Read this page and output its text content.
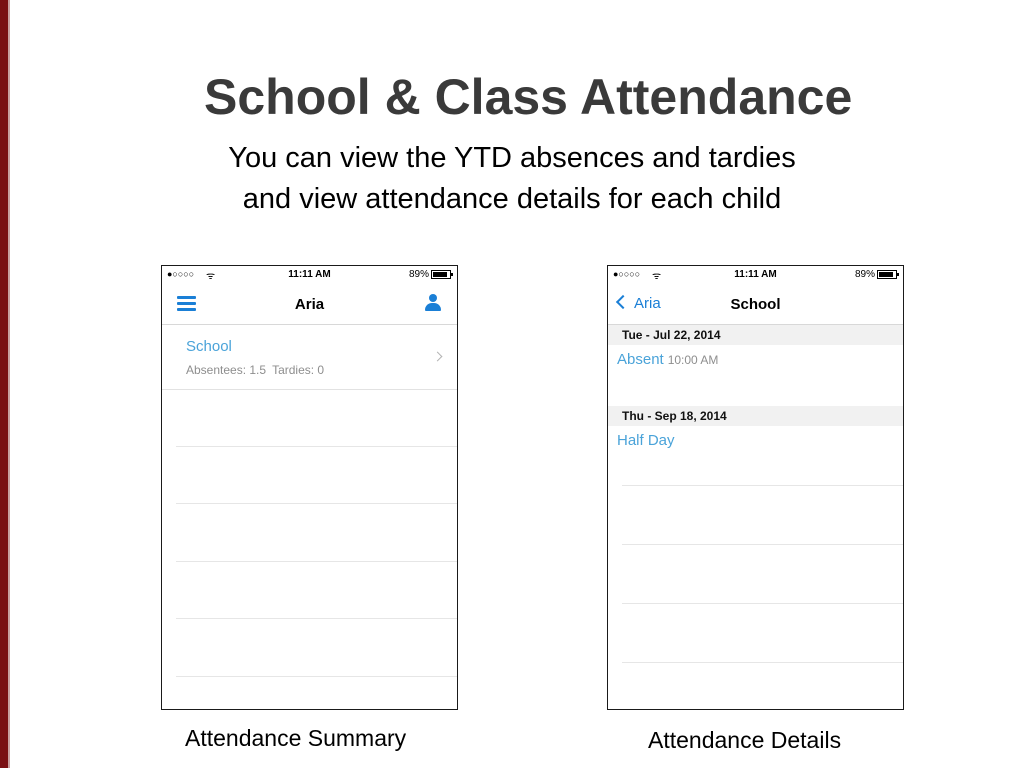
School & Class Attendance
You can view the YTD absences and tardies and view attendance details for each child
●○○○○ ᯤ	11:11 AM	89%
Aria
School
Absentees: 1.5 Tardies: 0
●○○○○ ᯤ	11:11 AM	89%
Aria	School
Tue - Jul 22, 2014
Absent 10:00 AM
Thu - Sep 18, 2014
Half Day
Attendance Summary	Attendance Details
